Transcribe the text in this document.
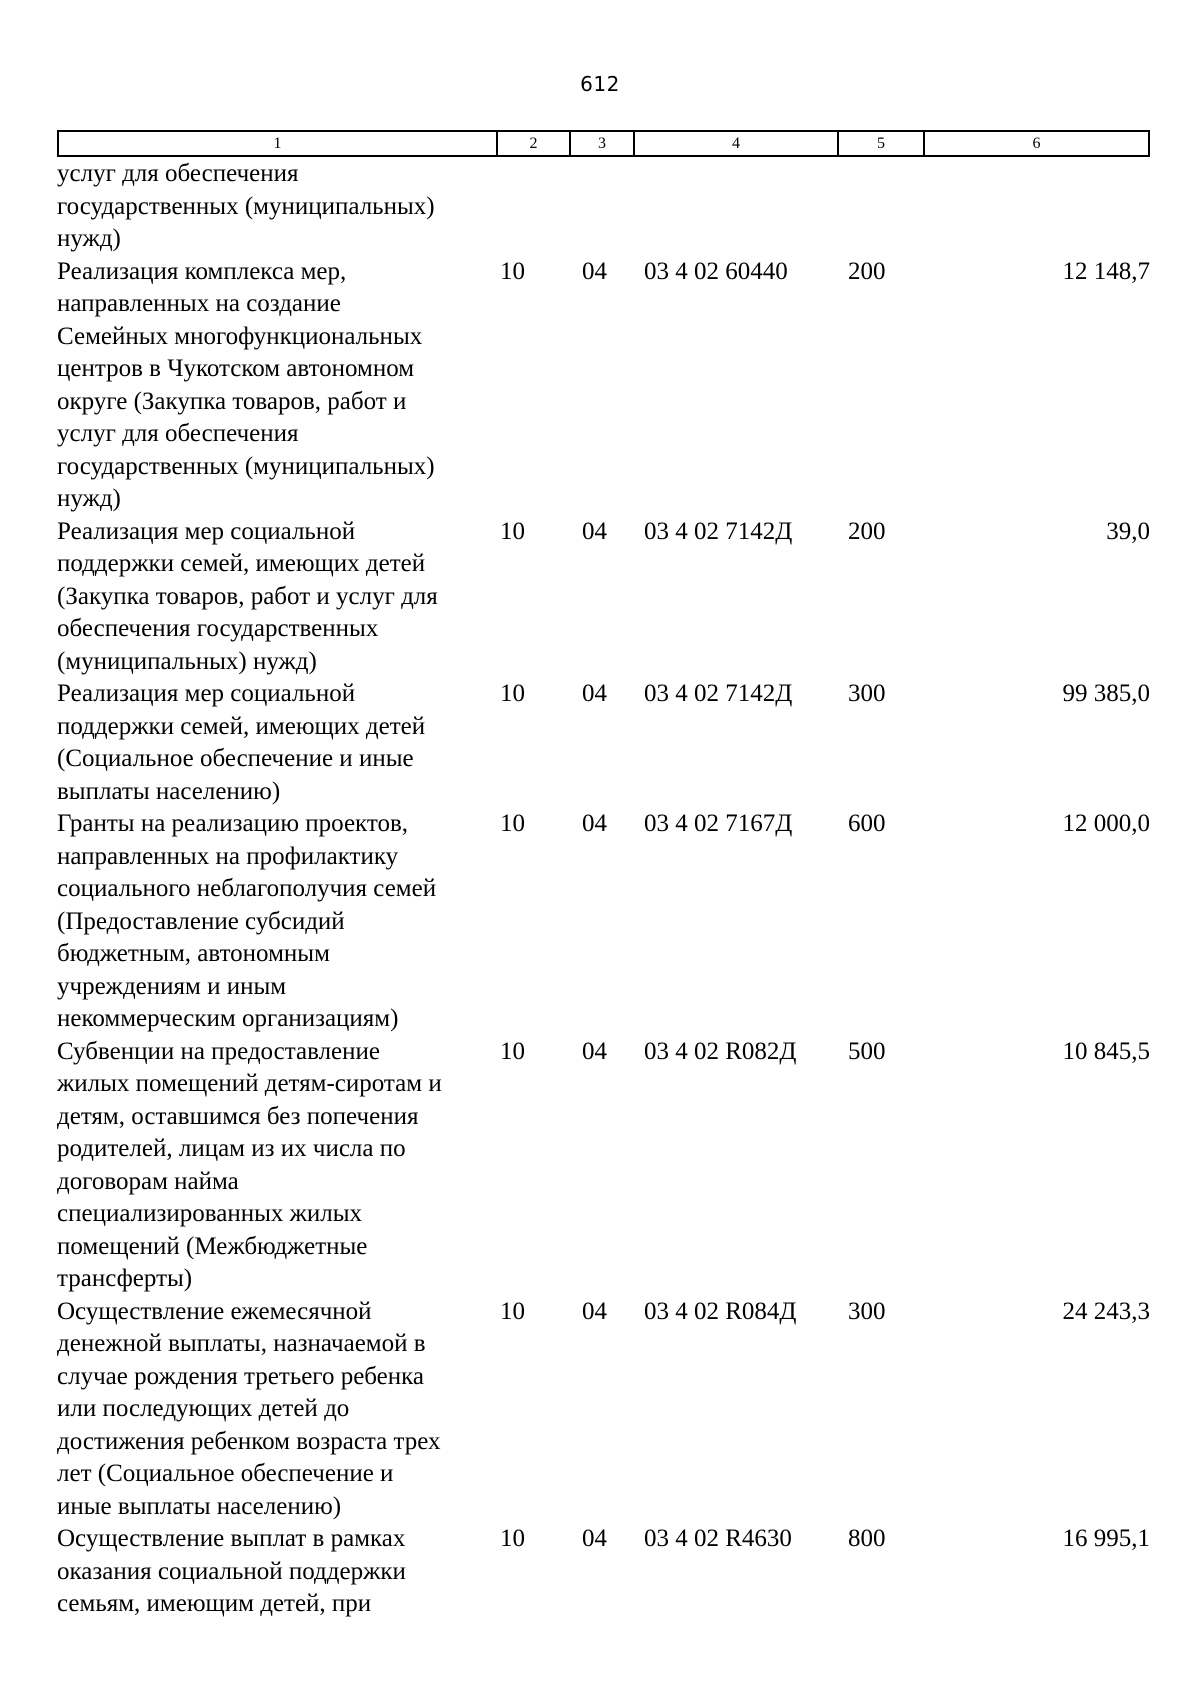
612
1	2	3	4	5	6
услуг для обеспечения
государственных (муниципальных)
нужд)
Реализация комплекса мер,
направленных на создание
Семейных многофункциональных
центров в Чукотском автономном
округе (Закупка товаров, работ и
услуг для обеспечения
государственных (муниципальных)
нужд)
10	04	03 4 02 60440	200	12 148,7
Реализация мер социальной
поддержки семей, имеющих детей
(Закупка товаров, работ и услуг для
обеспечения государственных
(муниципальных) нужд)
10	04	03 4 02 7142Д	200	39,0
Реализация мер социальной
поддержки семей, имеющих детей
(Социальное обеспечение и иные
выплаты населению)
10	04	03 4 02 7142Д	300	99 385,0
Гранты на реализацию проектов,
направленных на профилактику
социального неблагополучия семей
(Предоставление субсидий
бюджетным, автономным
учреждениям и иным
некоммерческим организациям)
10	04	03 4 02 7167Д	600	12 000,0
Субвенции на предоставление
жилых помещений детям-сиротам и
детям, оставшимся без попечения
родителей, лицам из их числа по
договорам найма
специализированных жилых
помещений (Межбюджетные
трансферты)
10	04	03 4 02 R082Д	500	10 845,5
Осуществление ежемесячной
денежной выплаты, назначаемой в
случае рождения третьего ребенка
или последующих детей до
достижения ребенком возраста трех
лет (Социальное обеспечение и
иные выплаты населению)
10	04	03 4 02 R084Д	300	24 243,3
Осуществление выплат в рамках
оказания социальной поддержки
семьям, имеющим детей, при
10	04	03 4 02 R4630	800	16 995,1
